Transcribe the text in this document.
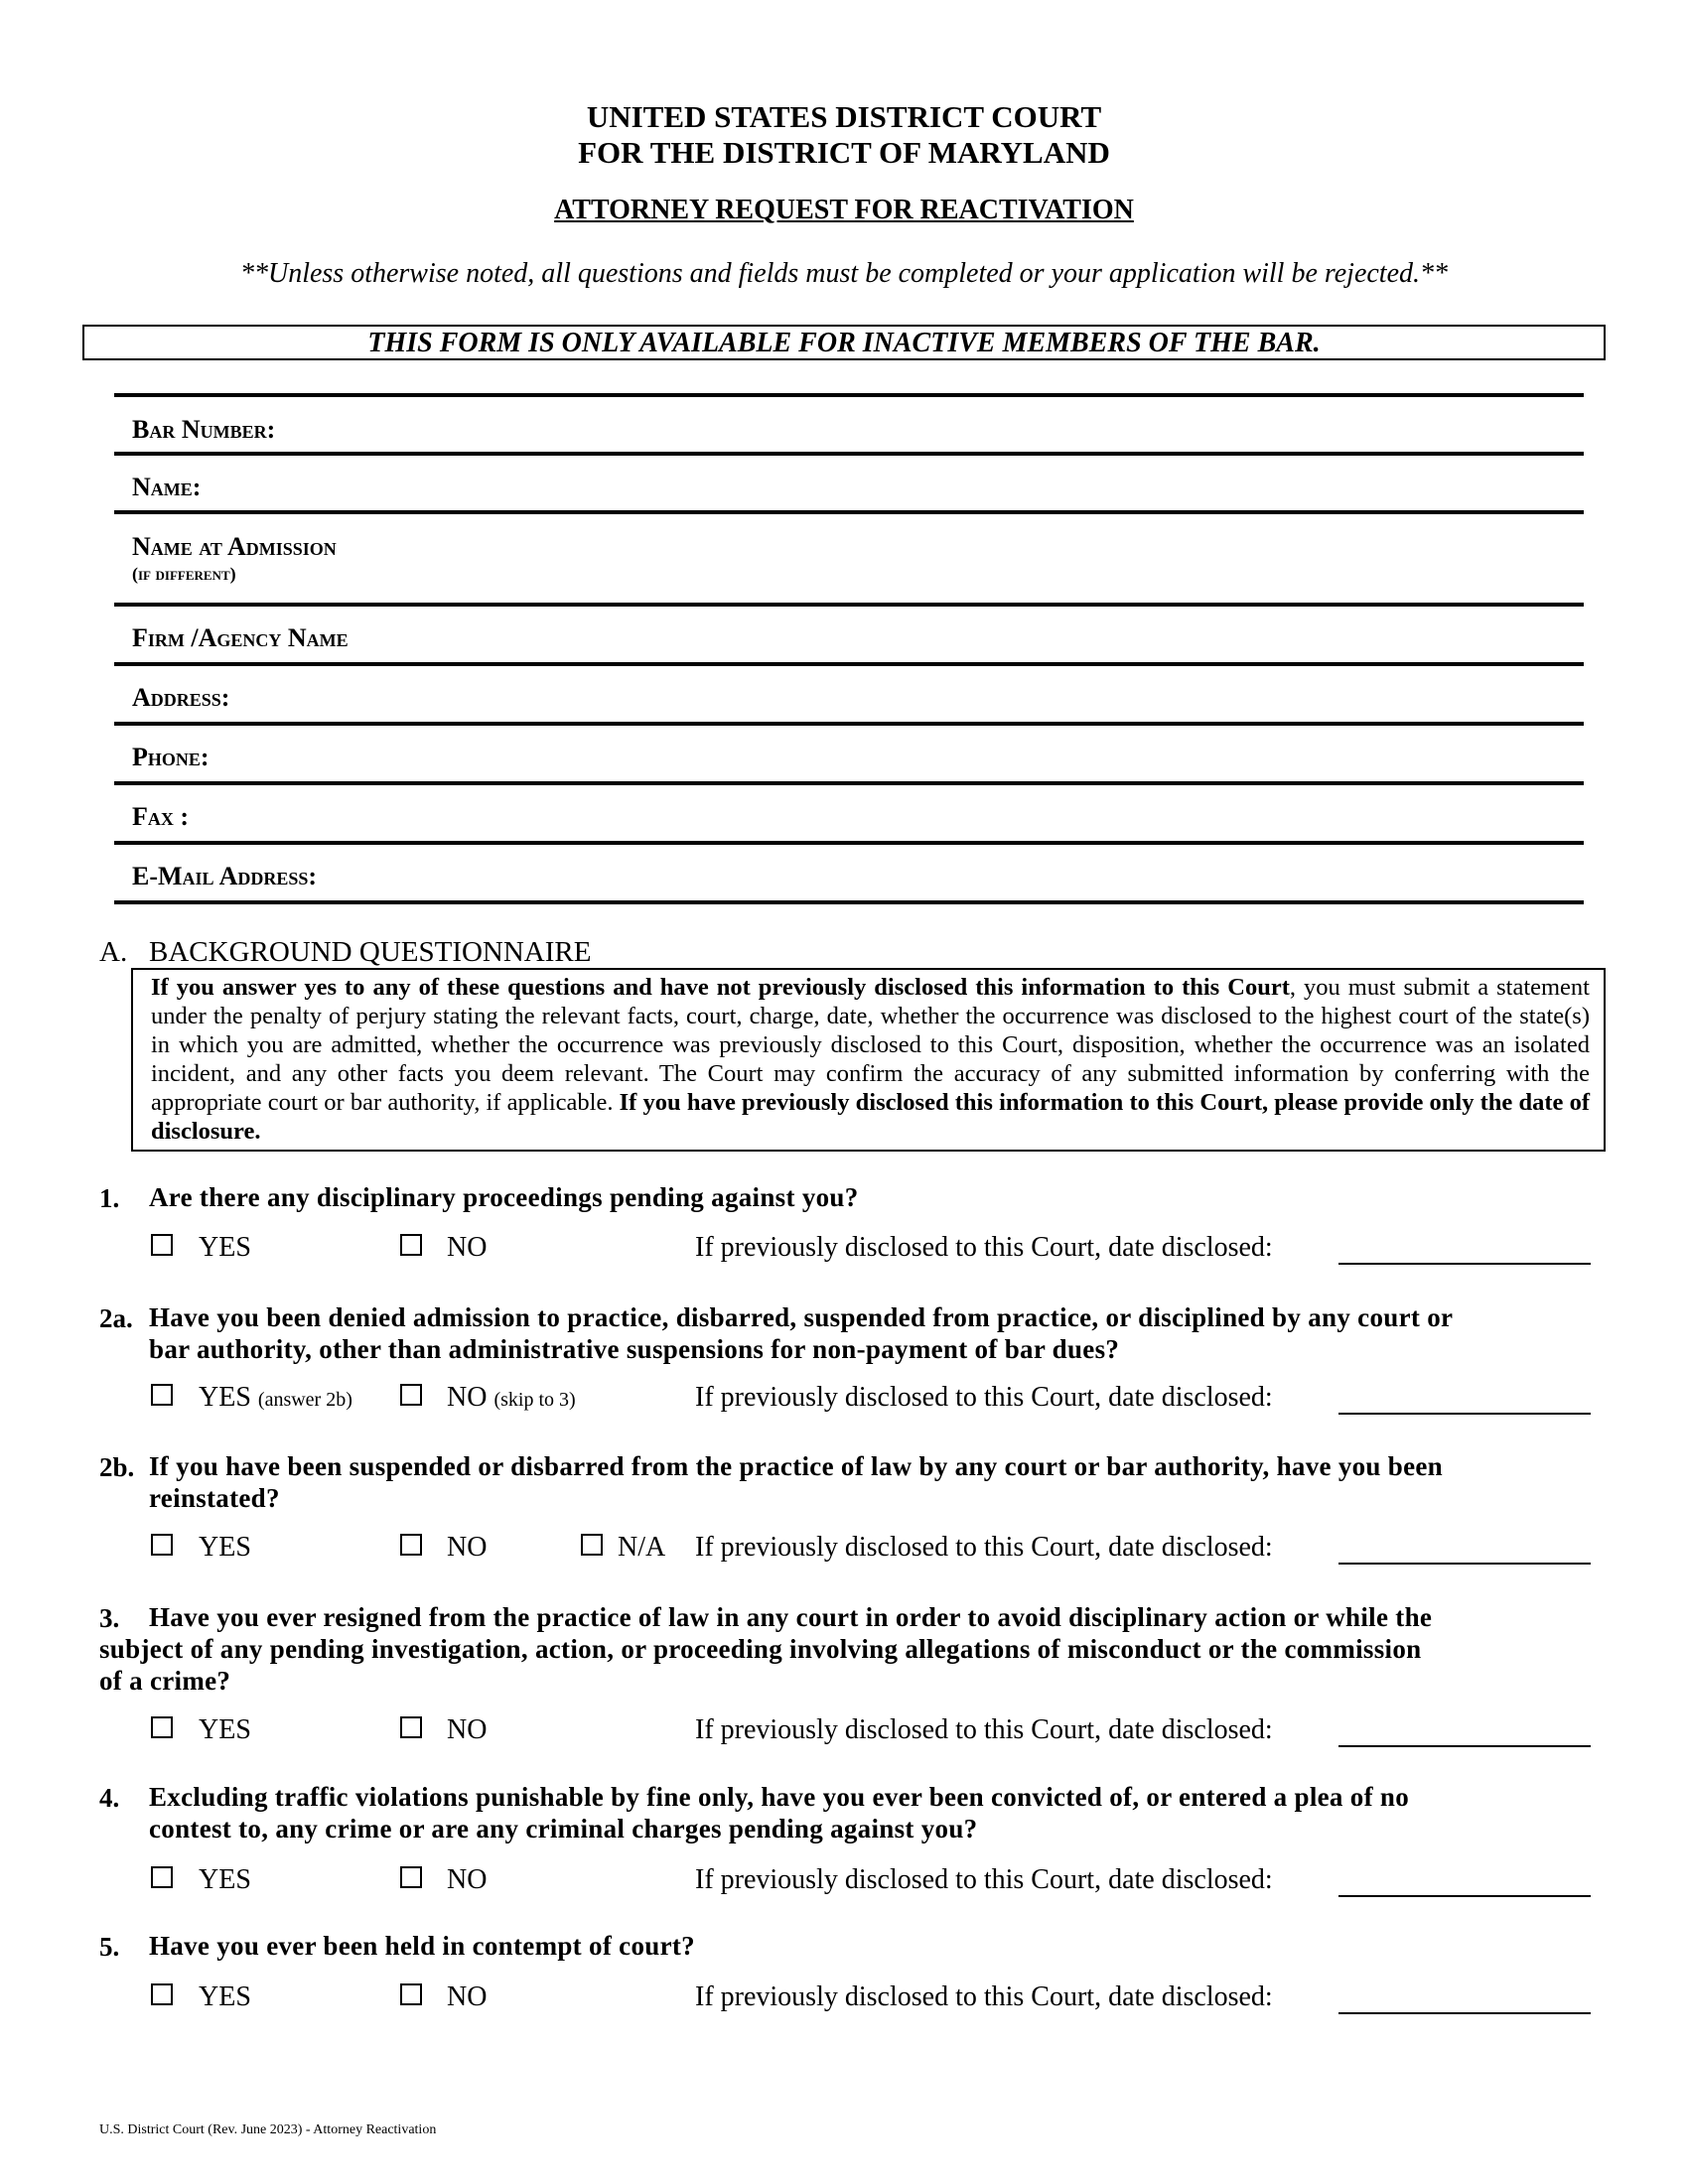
UNITED STATES DISTRICT COURT
FOR THE DISTRICT OF MARYLAND
ATTORNEY REQUEST FOR REACTIVATION
**Unless otherwise noted, all questions and fields must be completed or your application will be rejected.**
THIS FORM IS ONLY AVAILABLE FOR INACTIVE MEMBERS OF THE BAR.
Bar Number:
Name:
Name at Admission
(if different)
Firm /Agency Name
Address:
Phone:
Fax :
E-Mail Address:
A. BACKGROUND QUESTIONNAIRE
If you answer yes to any of these questions and have not previously disclosed this information to this Court, you must submit a statement under the penalty of perjury stating the relevant facts, court, charge, date, whether the occurrence was disclosed to the highest court of the state(s) in which you are admitted, whether the occurrence was previously disclosed to this Court, disposition, whether the occurrence was an isolated incident, and any other facts you deem relevant. The Court may confirm the accuracy of any submitted information by conferring with the appropriate court or bar authority, if applicable. If you have previously disclosed this information to this Court, please provide only the date of disclosure.
1. Are there any disciplinary proceedings pending against you?
YES	NO	If previously disclosed to this Court, date disclosed:
2a. Have you been denied admission to practice, disbarred, suspended from practice, or disciplined by any court or
bar authority, other than administrative suspensions for non-payment of bar dues?
YES (answer 2b)	NO (skip to 3)	If previously disclosed to this Court, date disclosed:
2b. If you have been suspended or disbarred from the practice of law by any court or bar authority, have you been
reinstated?
YES	NO	N/A If previously disclosed to this Court, date disclosed:
3. Have you ever resigned from the practice of law in any court in order to avoid disciplinary action or while the
subject of any pending investigation, action, or proceeding involving allegations of misconduct or the commission
of a crime?
YES	NO	If previously disclosed to this Court, date disclosed:
4. Excluding traffic violations punishable by fine only, have you ever been convicted of, or entered a plea of no
contest to, any crime or are any criminal charges pending against you?
YES	NO	If previously disclosed to this Court, date disclosed:
5. Have you ever been held in contempt of court?
YES	NO	If previously disclosed to this Court, date disclosed:
U.S. District Court (Rev. June 2023) - Attorney Reactivation
